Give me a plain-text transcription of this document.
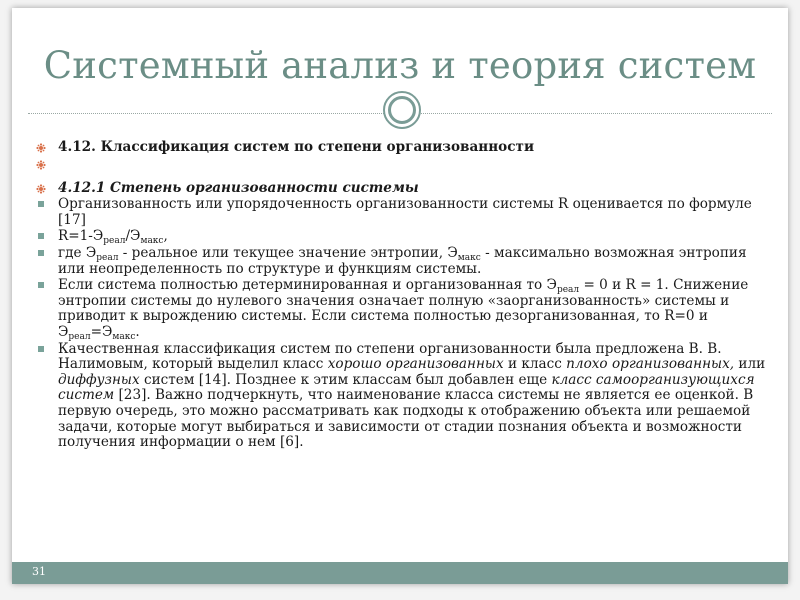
Системный анализ и теория систем
4.12. Классификация систем по степени организованности
4.12.1 Степень организованности системы
Организованность или упорядоченность организованности системы R оценивается по формуле [17]
$R=1-Э_{реал}/Э_{макс}$,
где $Э_{реал}$ - реальное или текущее значение энтропии, $Э_{макс}$ - максимально возможная энтропия или неопределенность по структуре и функциям системы.
Если система полностью детерминированная и организованная то $Э_{реал} = 0$ и R = 1. Снижение энтропии системы до нулевого значения означает полную «заорганизованность» системы и приводит к вырождению системы. Если система полностью дезорганизованная, то R=0 и $Э_{реал}=Э_{макс}$.
Качественная классификация систем по степени организованности была предложена В. В. Налимовым, который выделил класс хорошо организованных и класс плохо организованных, или диффузных систем [14]. Позднее к этим классам был добавлен еще класс самоорганизующихся систем [23]. Важно подчеркнуть, что наименование класса системы не является ее оценкой. В первую очередь, это можно рассматривать как подходы к отображению объекта или решаемой задачи, которые могут выбираться и зависимости от стадии познания объекта и возможности получения информации о нем [6].
31
